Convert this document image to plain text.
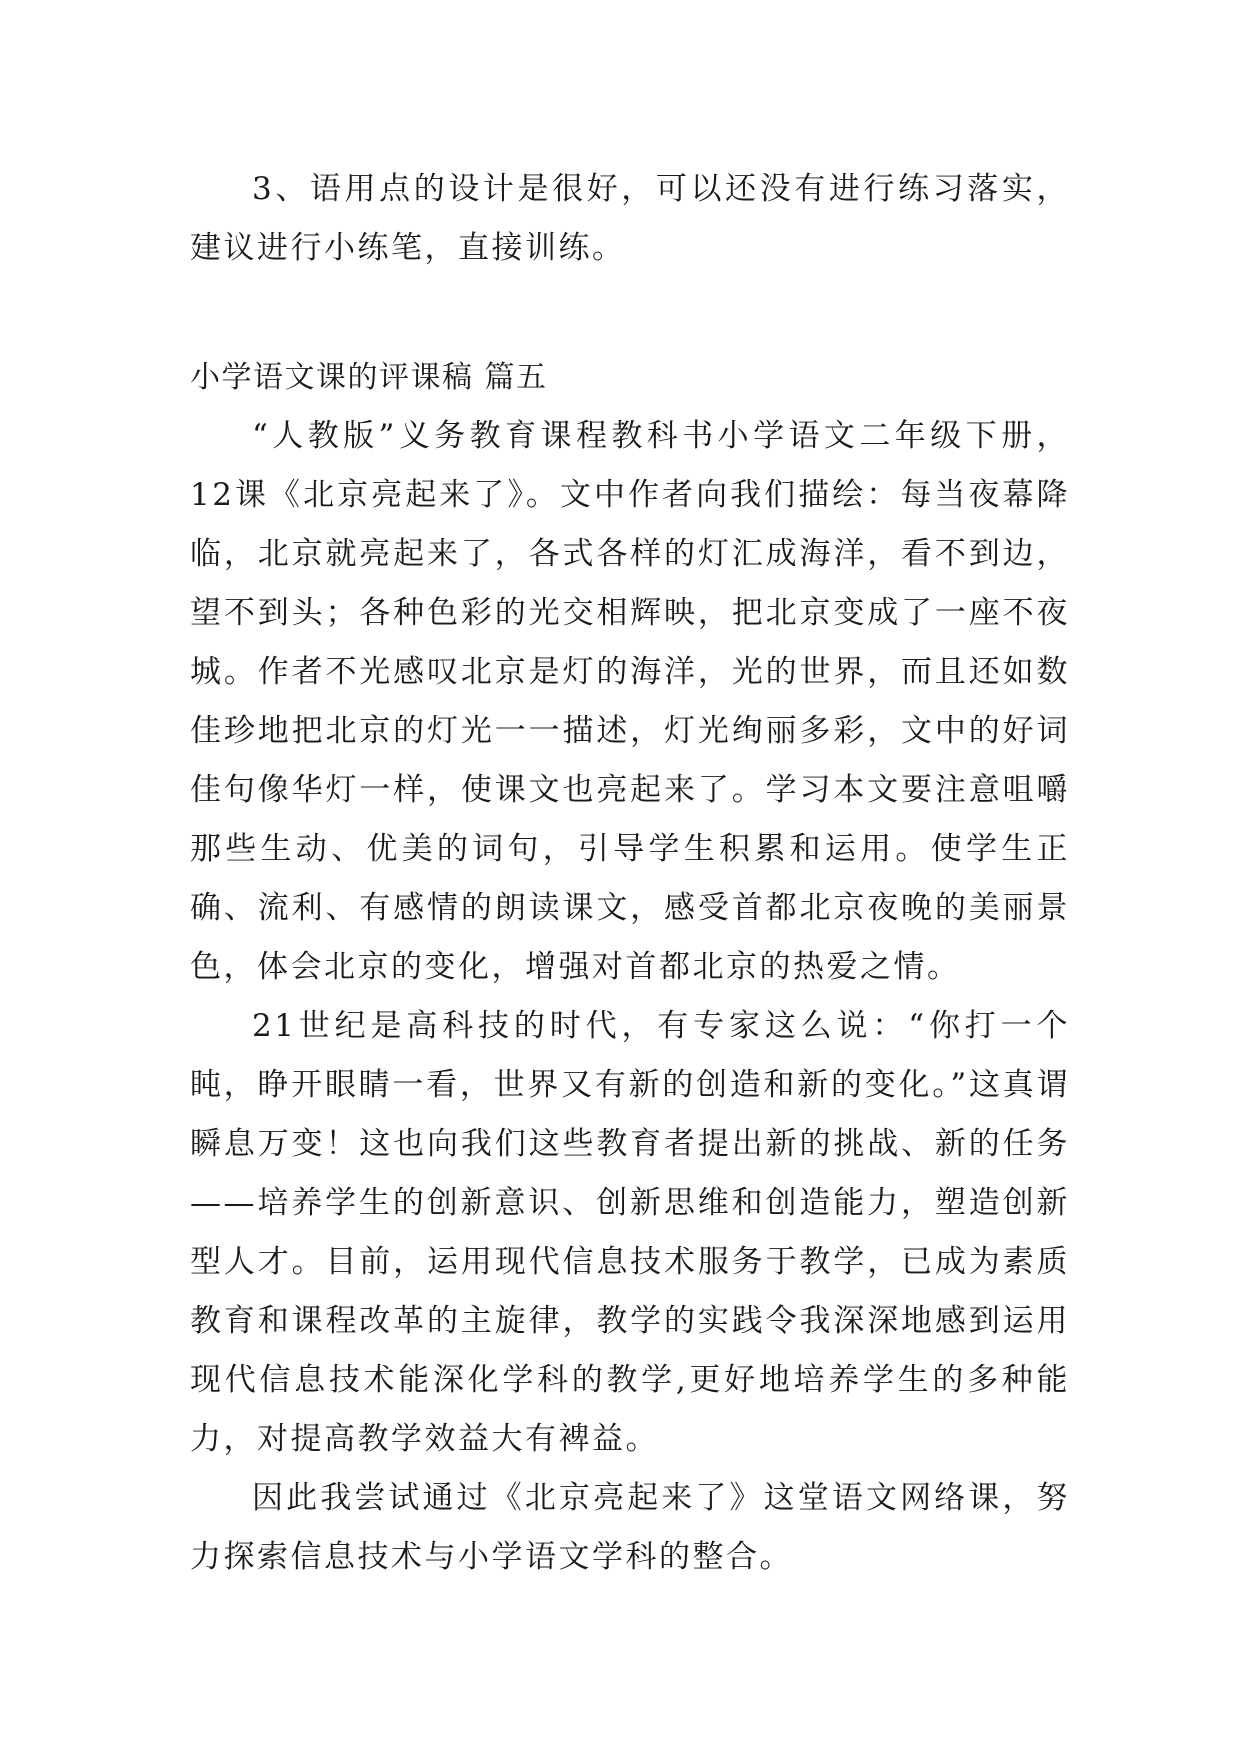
3、语用点的设计是很好，可以还没有进行练习落实，建议进行小练笔，直接训练。

小学语文课的评课稿 篇五

“人教版”义务教育课程教科书小学语文二年级下册，12课《北京亮起来了》。文中作者向我们描绘：每当夜幕降临，北京就亮起来了，各式各样的灯汇成海洋，看不到边，望不到头；各种色彩的光交相辉映，把北京变成了一座不夜城。作者不光感叹北京是灯的海洋，光的世界，而且还如数佳珍地把北京的灯光一一描述，灯光绚丽多彩，文中的好词佳句像华灯一样，使课文也亮起来了。学习本文要注意咀嚼那些生动、优美的词句，引导学生积累和运用。使学生正确、流利、有感情的朗读课文，感受首都北京夜晚的美丽景色，体会北京的变化，增强对首都北京的热爱之情。

21世纪是高科技的时代，有专家这么说：“你打一个盹，睁开眼睛一看，世界又有新的创造和新的变化。”这真谓瞬息万变！这也向我们这些教育者提出新的挑战、新的任务——培养学生的创新意识、创新思维和创造能力，塑造创新型人才。目前，运用现代信息技术服务于教学，已成为素质教育和课程改革的主旋律，教学的实践令我深深地感到运用现代信息技术能深化学科的教学,更好地培养学生的多种能力，对提高教学效益大有裨益。

因此我尝试通过《北京亮起来了》这堂语文网络课，努力探索信息技术与小学语文学科的整合。
